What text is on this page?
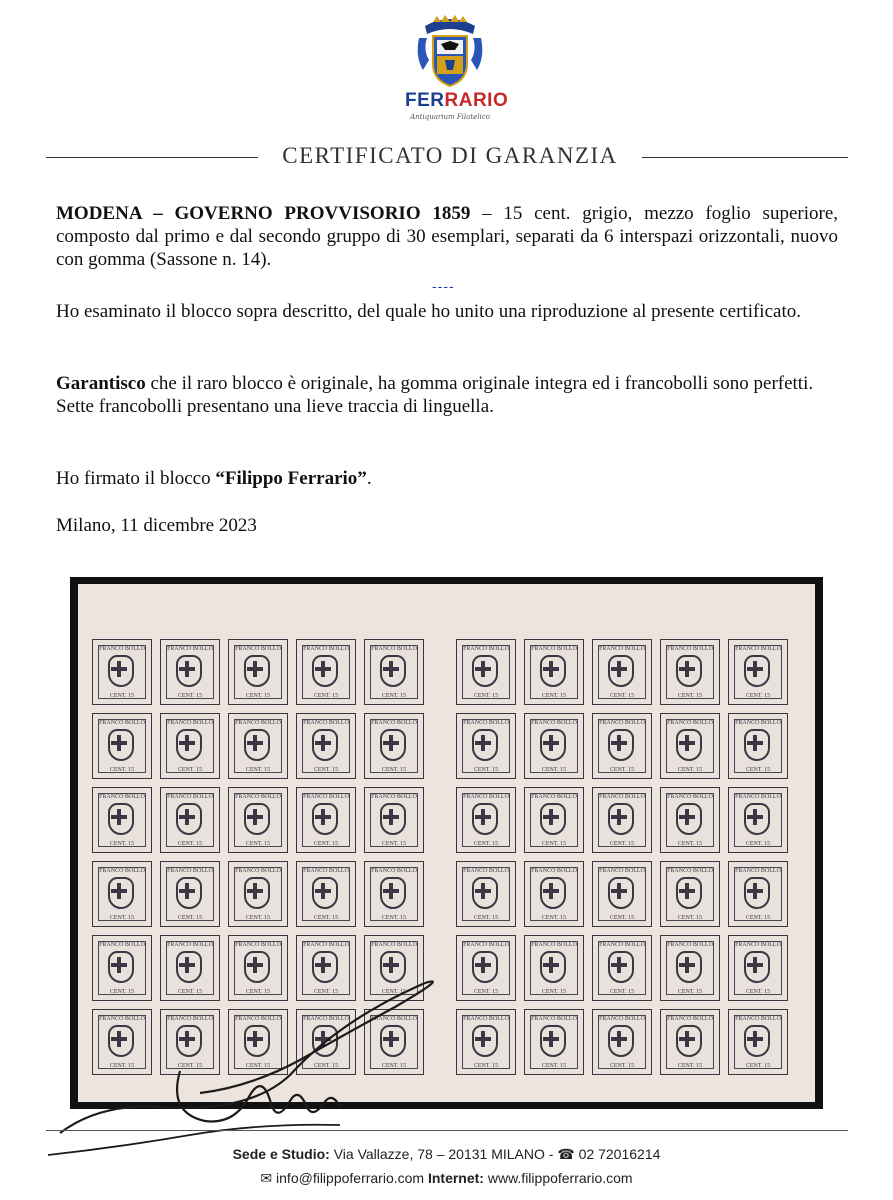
FERRARIO
Antiquarium Filatelico
CERTIFICATO DI GARANZIA
MODENA – GOVERNO PROVVISORIO 1859 – 15 cent. grigio, mezzo foglio superiore, composto dal primo e dal secondo gruppo di 30 esemplari, separati da 6 interspazi orizzontali, nuovo con gomma (Sassone n. 14).
----
Ho esaminato il blocco sopra descritto, del quale ho unito una riproduzione al presente certificato.
Garantisco che il raro blocco è originale, ha gomma originale integra ed i francobolli sono perfetti.
Sette francobolli presentano una lieve traccia di linguella.
Ho firmato il blocco “Filippo Ferrario”.
Milano, 11 dicembre 2023
FRANCO BOLLO
CENT. 15
FRANCO BOLLO
CENT. 15
FRANCO BOLLO
CENT. 15
FRANCO BOLLO
CENT. 15
FRANCO BOLLO
CENT. 15
FRANCO BOLLO
CENT. 15
FRANCO BOLLO
CENT. 15
FRANCO BOLLO
CENT. 15
FRANCO BOLLO
CENT. 15
FRANCO BOLLO
CENT. 15
FRANCO BOLLO
CENT. 15
FRANCO BOLLO
CENT. 15
FRANCO BOLLO
CENT. 15
FRANCO BOLLO
CENT. 15
FRANCO BOLLO
CENT. 15
FRANCO BOLLO
CENT. 15
FRANCO BOLLO
CENT. 15
FRANCO BOLLO
CENT. 15
FRANCO BOLLO
CENT. 15
FRANCO BOLLO
CENT. 15
FRANCO BOLLO
CENT. 15
FRANCO BOLLO
CENT. 15
FRANCO BOLLO
CENT. 15
FRANCO BOLLO
CENT. 15
FRANCO BOLLO
CENT. 15
FRANCO BOLLO
CENT. 15
FRANCO BOLLO
CENT. 15
FRANCO BOLLO
CENT. 15
FRANCO BOLLO
CENT. 15
FRANCO BOLLO
CENT. 15
FRANCO BOLLO
CENT. 15
FRANCO BOLLO
CENT. 15
FRANCO BOLLO
CENT. 15
FRANCO BOLLO
CENT. 15
FRANCO BOLLO
CENT. 15
FRANCO BOLLO
CENT. 15
FRANCO BOLLO
CENT. 15
FRANCO BOLLO
CENT. 15
FRANCO BOLLO
CENT. 15
FRANCO BOLLO
CENT. 15
FRANCO BOLLO
CENT. 15
FRANCO BOLLO
CENT. 15
FRANCO BOLLO
CENT. 15
FRANCO BOLLO
CENT. 15
FRANCO BOLLO
CENT. 15
FRANCO BOLLO
CENT. 15
FRANCO BOLLO
CENT. 15
FRANCO BOLLO
CENT. 15
FRANCO BOLLO
CENT. 15
FRANCO BOLLO
CENT. 15
FRANCO BOLLO
CENT. 15
FRANCO BOLLO
CENT. 15
FRANCO BOLLO
CENT. 15
FRANCO BOLLO
CENT. 15
FRANCO BOLLO
CENT. 15
FRANCO BOLLO
CENT. 15
FRANCO BOLLO
CENT. 15
FRANCO BOLLO
CENT. 15
FRANCO BOLLO
CENT. 15
FRANCO BOLLO
CENT. 15
Sede e Studio: Via Vallazze, 78 – 20131 MILANO - ☎ 02 72016214
✉ info@filippoferrario.com Internet: www.filippoferrario.com
